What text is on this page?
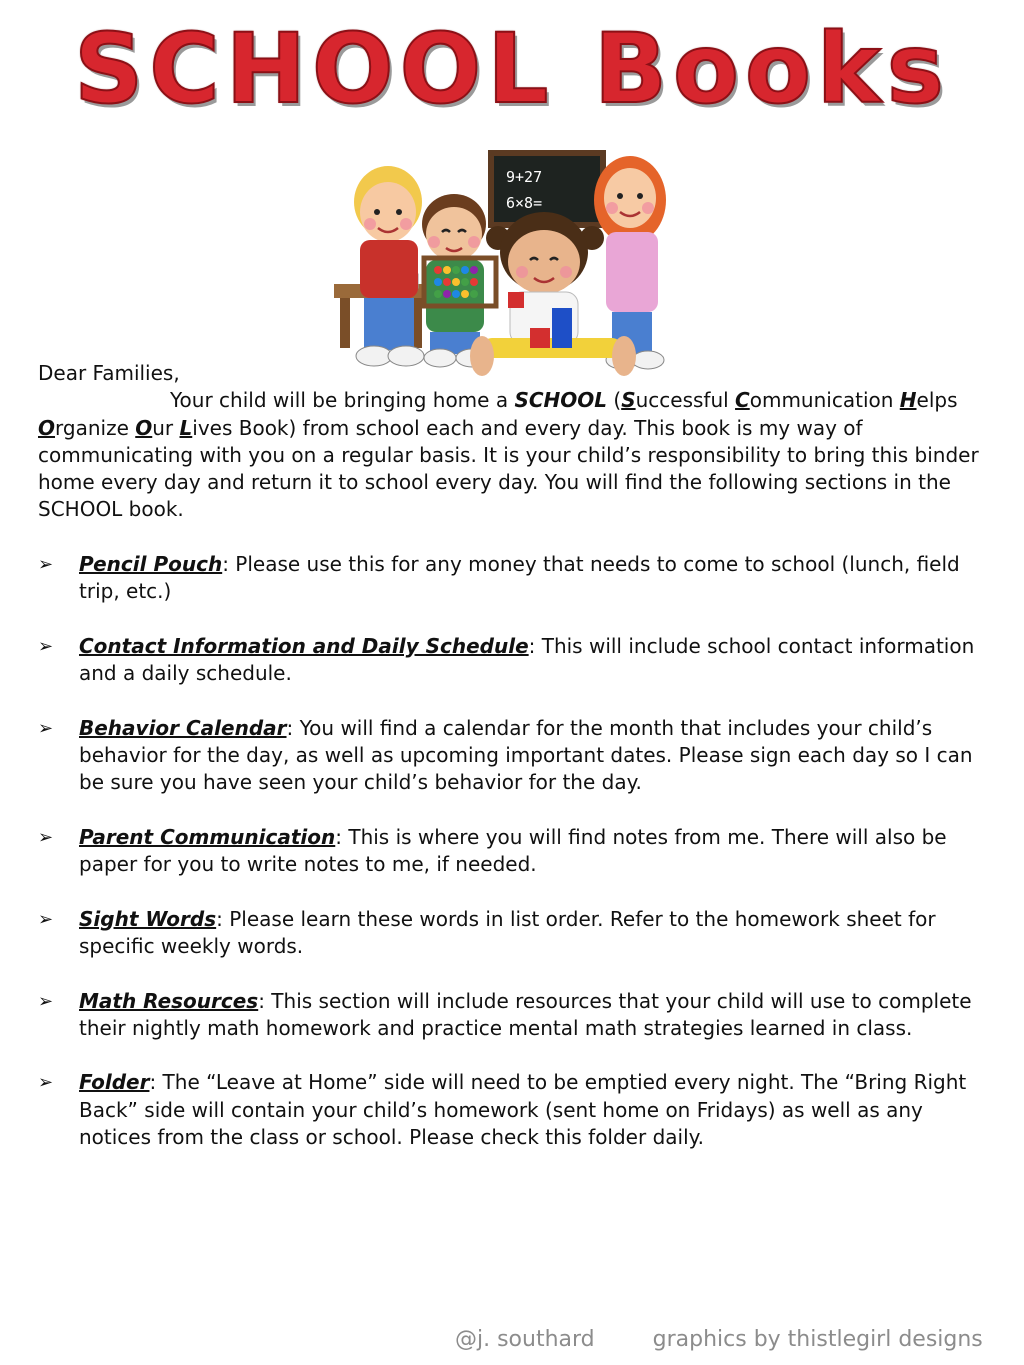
SCHOOL Books
9+27
6×8=

Dear Families,

Your child will be bringing home a SCHOOL (Successful Communication Helps Organize Our Lives Book) from school each and every day. This book is my way of communicating with you on a regular basis. It is your child’s responsibility to bring this binder home every day and return it to school every day. You will find the following sections in the SCHOOL book.

➢ Pencil Pouch: Please use this for any money that needs to come to school (lunch, field trip, etc.)
➢ Contact Information and Daily Schedule: This will include school contact information and a daily schedule.
➢ Behavior Calendar: You will find a calendar for the month that includes your child’s behavior for the day, as well as upcoming important dates. Please sign each day so I can be sure you have seen your child’s behavior for the day.
➢ Parent Communication: This is where you will find notes from me. There will also be paper for you to write notes to me, if needed.
➢ Sight Words: Please learn these words in list order. Refer to the homework sheet for specific weekly words.
➢ Math Resources: This section will include resources that your child will use to complete their nightly math homework and practice mental math strategies learned in class.
➢ Folder: The “Leave at Home” side will need to be emptied every night. The “Bring Right Back” side will contain your child’s homework (sent home on Fridays) as well as any notices from the class or school. Please check this folder daily.
@j. southard	graphics by thistlegirl designs
